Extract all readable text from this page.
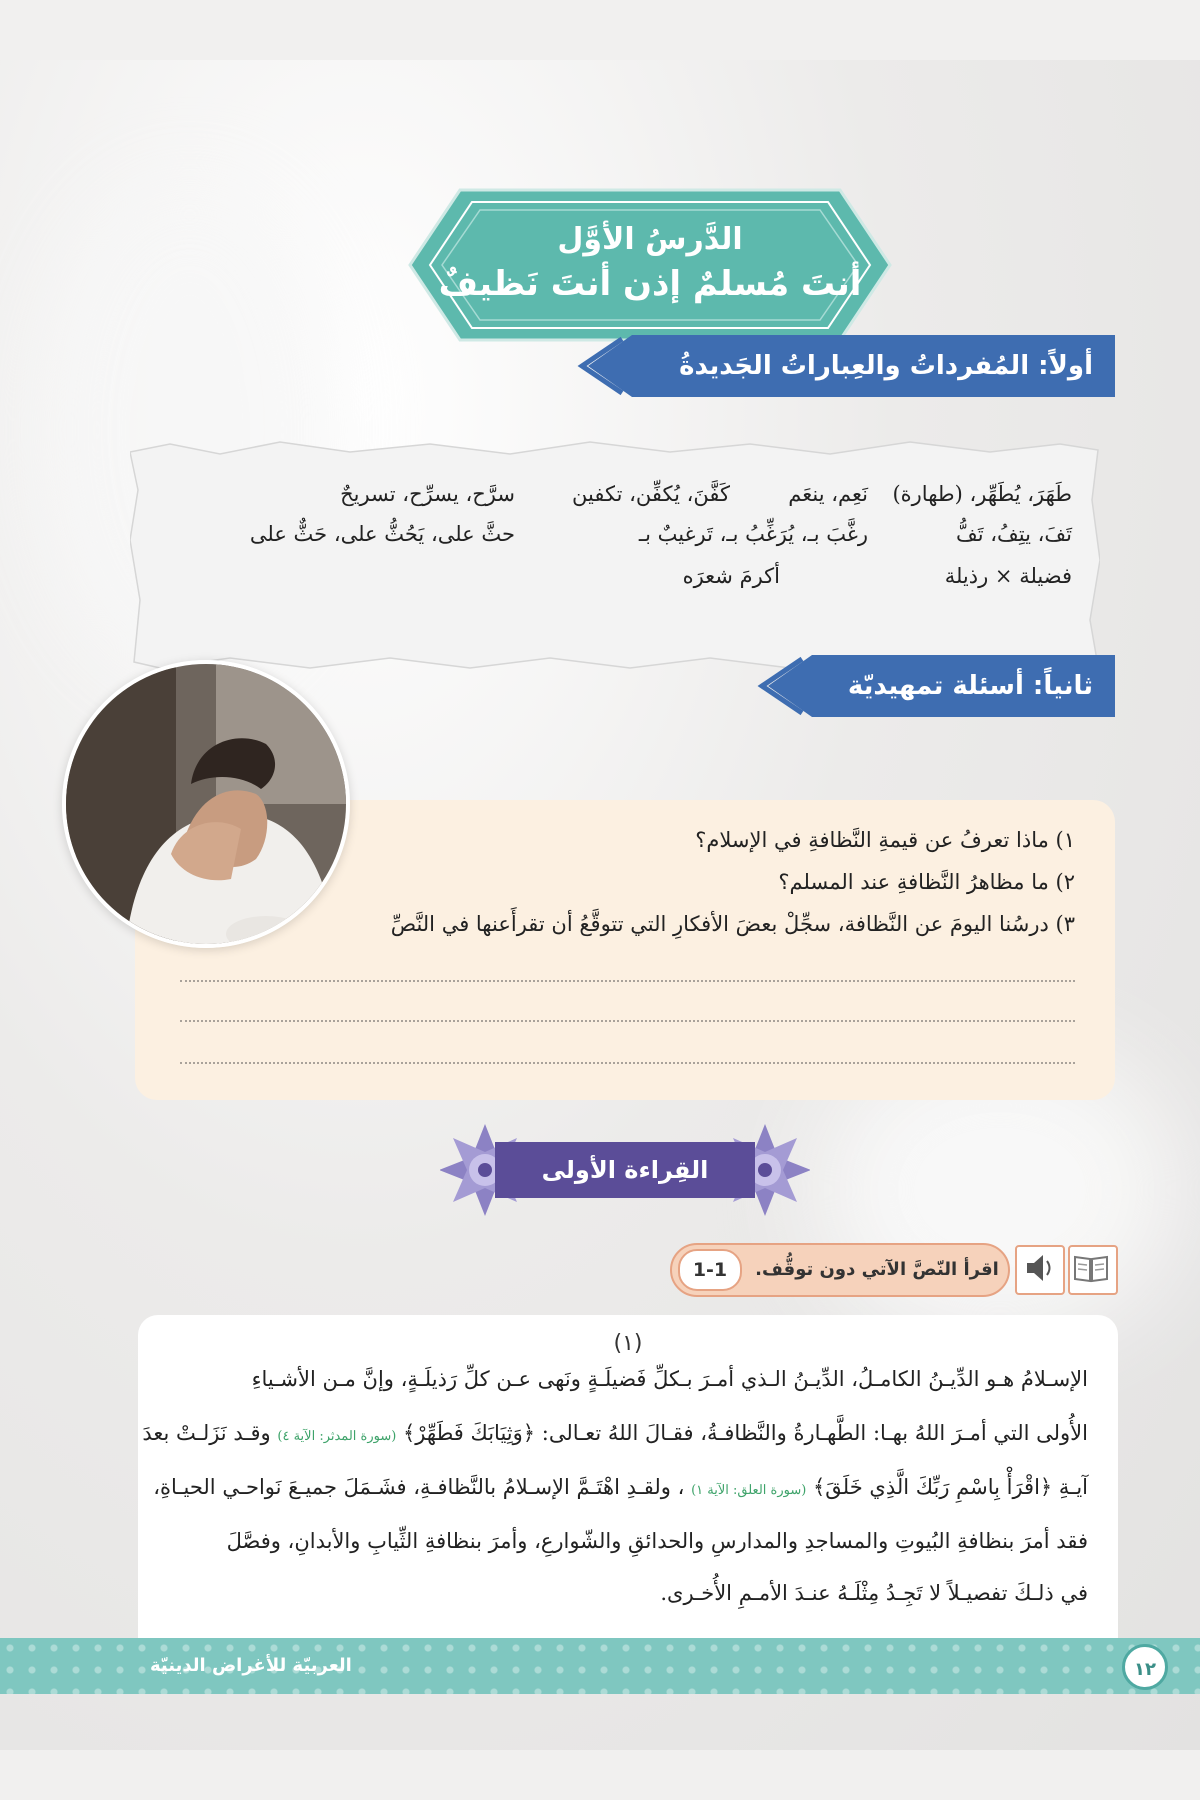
الدَّرسُ الأوَّل
أنتَ مُسلمٌ إذن أنتَ نَظيفٌ
أولاً: المُفرداتُ والعِباراتُ الجَديدةُ
طَهَرَ، يُطَهِّر، (طهارة)
نَعِم، ينعَم
كَفَّنَ، يُكفِّن، تكفين
سرَّح، يسرِّح، تسريحٌ
تَفَ، يتِفُ، تَفُّ
رغَّبَ بـ، يُرَغِّبُ بـ، تَرغيبٌ بـ
حثَّ على، يَحُثُّ على، حَثٌّ على
فضيلة × رذيلة
أكرمَ شعرَه
١) ماذا تعرفُ عن قيمةِ النَّظافةِ في الإسلام؟
٢) ما مظاهرُ النَّظافةِ عند المسلم؟
٣) درسُنا اليومَ عن النَّظافة، سجِّلْ بعضَ الأفكارِ التي تتوقَّعُ أن تقرأَعنها في النَّصِّ
ثانياً: أسئلة تمهيديّة
القِراءة الأولى
1-1	اقرأ النّصَّ الآتي دون توقُّف.
(١)
الإسـلامُ هـو الدِّيـنُ الكامـلُ، الدِّيـنُ الـذي أمـرَ بـكلِّ فَضيلَـةٍ ونَهى عـن كلِّ رَذيلَـةٍ، وإنَّ مـن الأشـياءِ
الأُولى التي أمـرَ اللهُ بهـا: الطَّهـارةُ والنَّظافـةُ، فقـالَ اللهُ تعـالى: ﴿وَثِيَابَكَ فَطَهِّرْ﴾ (سورة المدثر: الآية ٤) وقـد نَزَلـتْ بعدَ
آيـةِ ﴿اقْرَأْ بِاسْمِ رَبِّكَ الَّذِي خَلَقَ﴾ (سورة العلق: الآية ١) ، ولقـدِ اهْتَـمَّ الإسـلامُ بالنَّظافـةِ، فشَـمَلَ جميـعَ نَواحـي الحيـاةِ،
فقد أمرَ بنظافةِ البُيوتِ والمساجدِ والمدارسِ والحدائقِ والشّوارعِ، وأمرَ بنظافةِ الثِّيابِ والأبدانِ، وفصَّلَ
في ذلـكَ تفصيـلاً لا تَجِـدُ مِثْلَـهُ عنـدَ الأمـمِ الأُخـرى.
العربيّة للأغراض الدينيّة	١٢
